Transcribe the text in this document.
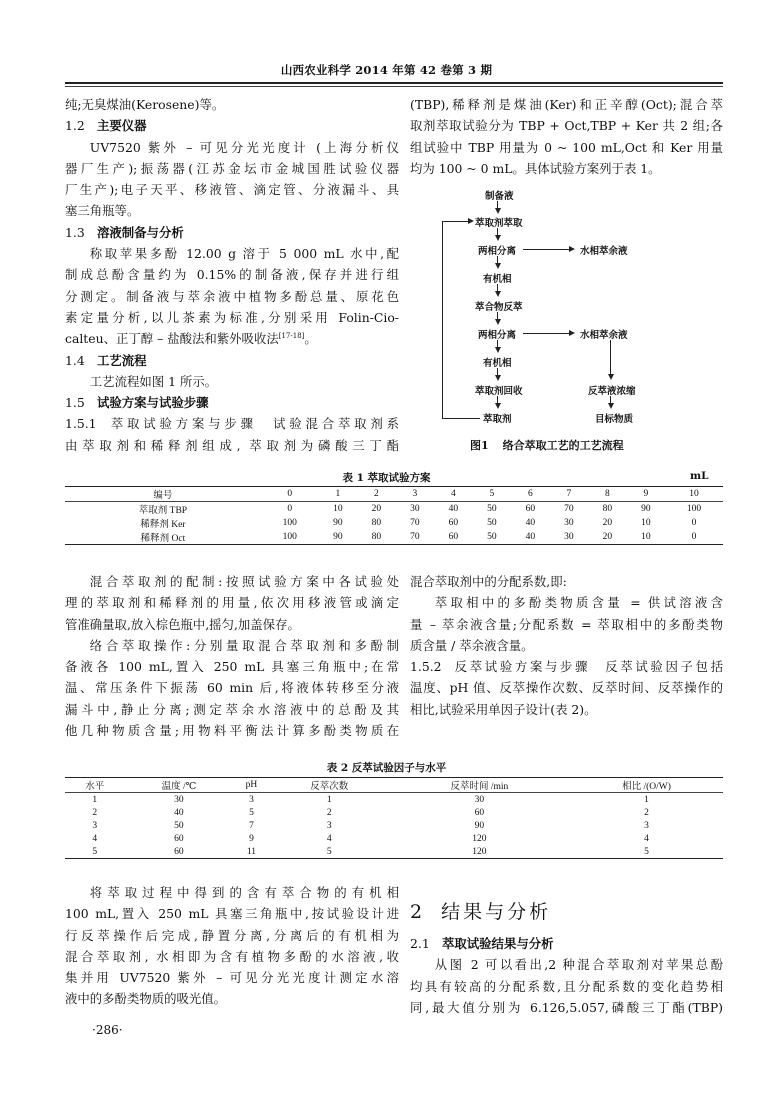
山西农业科学 2014 年第 42 卷第 3 期

纯;无臭煤油(Kerosene)等。

1.2 主要仪器

UV7520 紫外 – 可见分光光度计 (上海分析仪

器厂生产);振荡器(江苏金坛市金城国胜试验仪器

厂生产);电子天平、移液管、滴定管、分液漏斗、具

塞三角瓶等。

1.3 溶液制备与分析

称取苹果多酚 12.00 g 溶于 5 000 mL 水中,配

制成总酚含量约为 0.15%的制备液,保存并进行组

分测定。制备液与萃余液中植物多酚总量、原花色

素定量分析,以儿茶素为标准,分别采用 Folin-Cio-

calteu、正丁醇 – 盐酸法和紫外吸收法[17-18]。

1.4 工艺流程

工艺流程如图 1 所示。

1.5 试验方案与试验步骤

1.5.1 萃取试验方案与步骤  试验混合萃取剂系

由萃取剂和稀释剂组成, 萃取剂为磷酸三丁酯

(TBP),稀释剂是煤油(Ker)和正辛醇(Oct);混合萃

取剂萃取试验分为 TBP + Oct,TBP + Ker 共 2 组;各

组试验中 TBP 用量为 0 ~ 100 mL,Oct 和 Ker 用量

均为 100 ~ 0 mL。具体试验方案列于表 1。

制备液
萃取剂萃取
两相分离	水相萃余液
有机相
萃合物反萃
两相分离	水相萃余液
有机相
萃取剂回收	反萃液浓缩
萃取剂	目标物质
图1 络合萃取工艺的工艺流程
表 1 萃取试验方案	mL
编号	0	1	2	3	4	5	6	7	8	9	10
萃取剂 TBP	0	10	20	30	40	50	60	70	80	90	100
稀释剂 Ker	100	90	80	70	60	50	40	30	20	10	0
稀释剂 Oct	100	90	80	70	60	50	40	30	20	10	0

混合萃取剂的配制:按照试验方案中各试验处

理的萃取剂和稀释剂的用量,依次用移液管或滴定

管准确量取,放入棕色瓶中,摇匀,加盖保存。

络合萃取操作:分别量取混合萃取剂和多酚制

备液各 100 mL,置入 250 mL 具塞三角瓶中;在常

温、常压条件下振荡 60 min 后,将液体转移至分液

漏斗中,静止分离;测定萃余水溶液中的总酚及其

他几种物质含量;用物料平衡法计算多酚类物质在

混合萃取剂中的分配系数,即:

萃取相中的多酚类物质含量 = 供试溶液含

量 – 萃余液含量;分配系数 = 萃取相中的多酚类物

质含量 / 萃余液含量。

1.5.2 反萃试验方案与步骤  反萃试验因子包括

温度、pH 值、反萃操作次数、反萃时间、反萃操作的

相比,试验采用单因子设计(表 2)。

表 2 反萃试验因子与水平
水平	温度 /℃	pH	反萃次数	反萃时间 /min	相比 /(O/W)
1	30	3	1	30	1
2	40	5	2	60	2
3	50	7	3	90	3
4	60	9	4	120	4
5	60	11	5	120	5

将萃取过程中得到的含有萃合物的有机相

100 mL,置入 250 mL 具塞三角瓶中,按试验设计进

行反萃操作后完成,静置分离,分离后的有机相为

混合萃取剂, 水相即为含有植物多酚的水溶液,收

集并用 UV7520 紫外 – 可见分光光度计测定水溶

液中的多酚类物质的吸光值。

2   结果与分析

2.1 萃取试验结果与分析

从图 2 可以看出,2 种混合萃取剂对苹果总酚

均具有较高的分配系数,且分配系数的变化趋势相

同,最大值分别为 6.126,5.057,磷酸三丁酯(TBP)

·286·
